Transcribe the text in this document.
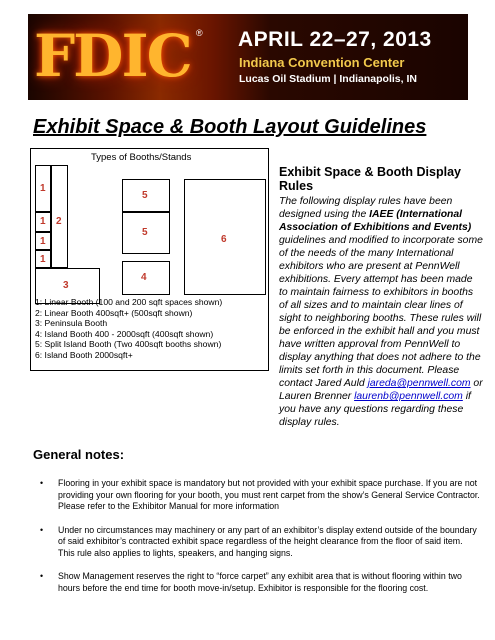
FDIC ® APRIL 22–27, 2013
Indiana Convention Center
Lucas Oil Stadium | Indianapolis, IN
Exhibit Space & Booth Layout Guidelines
Types of Booths/Stands
1
5
1 2
5
6
1
1
3
4
1: Linear Booth (100 and 200 sqft spaces shown)
2: Linear Booth 400sqft+ (500sqft shown)
3: Peninsula Booth
4: Island Booth 400 - 2000sqft (400sqft shown)
5: Split Island Booth (Two 400sqft booths shown)
6: Island Booth 2000sqft+
Exhibit Space & Booth Display Rules
The following display rules have been designed using the IAEE (International Association of Exhibitions and Events) guidelines and modified to incorporate some of the needs of the many International exhibitors who are present at PennWell exhibitions. Every attempt has been made to maintain fairness to exhibitors in booths of all sizes and to maintain clear lines of sight to neighboring booths. These rules will be enforced in the exhibit hall and you must have written approval from PennWell to display anything that does not adhere to the limits set forth in this document. Please contact Jared Auld jareda@pennwell.com or Lauren Brenner laurenb@pennwell.com if you have any questions regarding these display rules.
General notes:
• Flooring in your exhibit space is mandatory but not provided with your exhibit space purchase. If you are not providing your own flooring for your booth, you must rent carpet from the show’s General Service Contractor. Please refer to the Exhibitor Manual for more information
• Under no circumstances may machinery or any part of an exhibitor’s display extend outside of the boundary of said exhibitor’s contracted exhibit space regardless of the height clearance from the floor of said item. This rule also applies to lights, speakers, and hanging signs.
• Show Management reserves the right to “force carpet” any exhibit area that is without flooring within two hours before the end time for booth move-in/setup. Exhibitor is responsible for the flooring cost.
